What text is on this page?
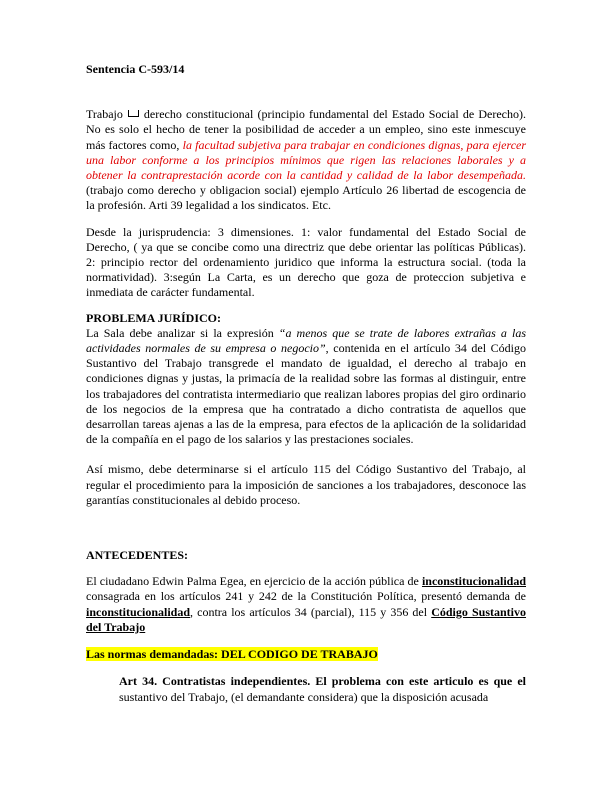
Sentencia C-593/14

Trabajo derecho constitucional (principio fundamental del Estado Social de Derecho). No es solo el hecho de tener la posibilidad de acceder a un empleo, sino este inmescuye más factores como, la facultad subjetiva para trabajar en condiciones dignas, para ejercer una labor conforme a los principios mínimos que rigen las relaciones laborales y a obtener la contraprestación acorde con la cantidad y calidad de la labor desempeñada. (trabajo como derecho y obligacion social) ejemplo Artículo 26 libertad de escogencia de la profesión. Arti 39 legalidad a los sindicatos. Etc.

Desde la jurisprudencia: 3 dimensiones. 1: valor fundamental del Estado Social de Derecho, ( ya que se concibe como una directriz que debe orientar las políticas Públicas). 2: principio rector del ordenamiento juridico que informa la estructura social. (toda la normatividad). 3:según La Carta, es un derecho que goza de proteccion subjetiva e inmediata de carácter fundamental.

PROBLEMA JURÍDICO:

La Sala debe analizar si la expresión “a menos que se trate de labores extrañas a las actividades normales de su empresa o negocio”, contenida en el artículo 34 del Código Sustantivo del Trabajo transgrede el mandato de igualdad, el derecho al trabajo en condiciones dignas y justas, la primacía de la realidad sobre las formas al distinguir, entre los trabajadores del contratista intermediario que realizan labores propias del giro ordinario de los negocios de la empresa que ha contratado a dicho contratista de aquellos que desarrollan tareas ajenas a las de la empresa, para efectos de la aplicación de la solidaridad de la compañía en el pago de los salarios y las prestaciones sociales.

Así mismo, debe determinarse si el artículo 115 del Código Sustantivo del Trabajo, al regular el procedimiento para la imposición de sanciones a los trabajadores, desconoce las garantías constitucionales al debido proceso.

ANTECEDENTES:

El ciudadano Edwin Palma Egea, en ejercicio de la acción pública de inconstitucionalidad consagrada en los artículos 241 y 242 de la Constitución Política, presentó demanda de inconstitucionalidad, contra los artículos 34 (parcial), 115 y 356 del Código Sustantivo del Trabajo

Las normas demandadas: DEL CODIGO DE TRABAJO

Art 34. Contratistas independientes. El problema con este articulo es que el sustantivo del Trabajo, (el demandante considera) que la disposición acusada
